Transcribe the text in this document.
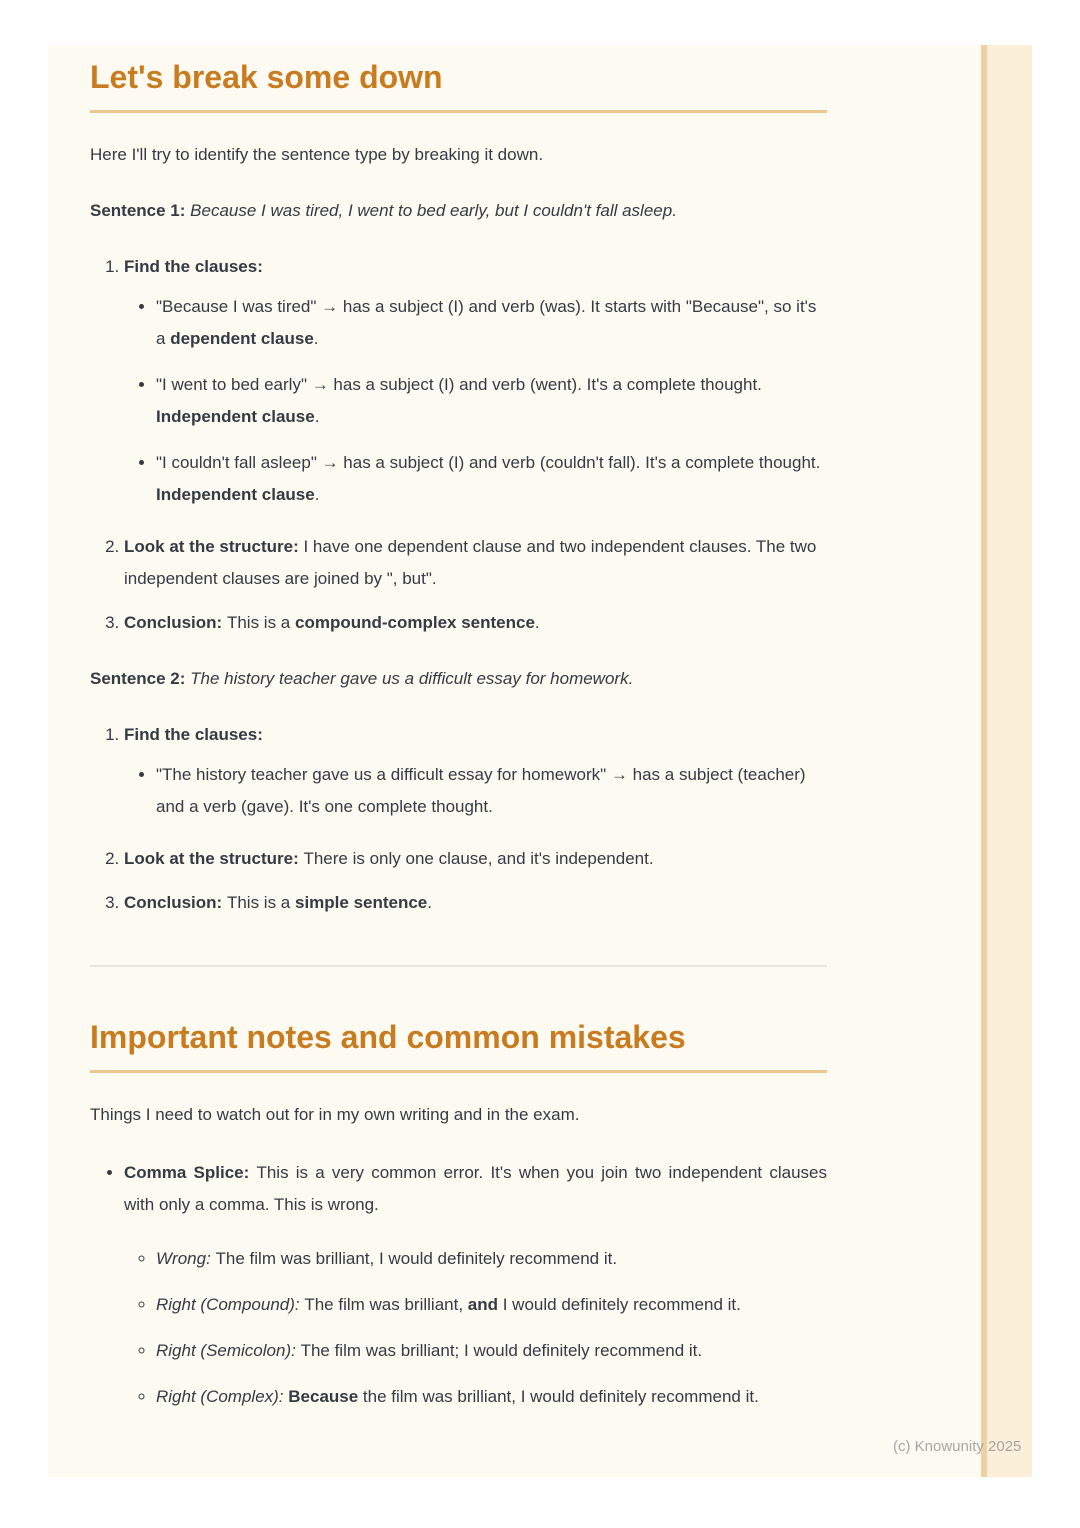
Let's break some down

Here I'll try to identify the sentence type by breaking it down.

Sentence 1: Because I was tired, I went to bed early, but I couldn't fall asleep.

1. Find the clauses:
• "Because I was tired" → has a subject (I) and verb (was). It starts with "Because", so it's a dependent clause.
• "I went to bed early" → has a subject (I) and verb (went). It's a complete thought. Independent clause.
• "I couldn't fall asleep" → has a subject (I) and verb (couldn't fall). It's a complete thought. Independent clause.
2. Look at the structure: I have one dependent clause and two independent clauses. The two independent clauses are joined by ", but".
3. Conclusion: This is a compound-complex sentence.

Sentence 2: The history teacher gave us a difficult essay for homework.

1. Find the clauses:
• "The history teacher gave us a difficult essay for homework" → has a subject (teacher) and a verb (gave). It's one complete thought.
2. Look at the structure: There is only one clause, and it's independent.
3. Conclusion: This is a simple sentence.
Important notes and common mistakes

Things I need to watch out for in my own writing and in the exam.

• Comma Splice: This is a very common error. It's when you join two independent clauses with only a comma. This is wrong.
◦ Wrong: The film was brilliant, I would definitely recommend it.
◦ Right (Compound): The film was brilliant, and I would definitely recommend it.
◦ Right (Semicolon): The film was brilliant; I would definitely recommend it.
◦ Right (Complex): Because the film was brilliant, I would definitely recommend it.
(c) Knowunity 2025
